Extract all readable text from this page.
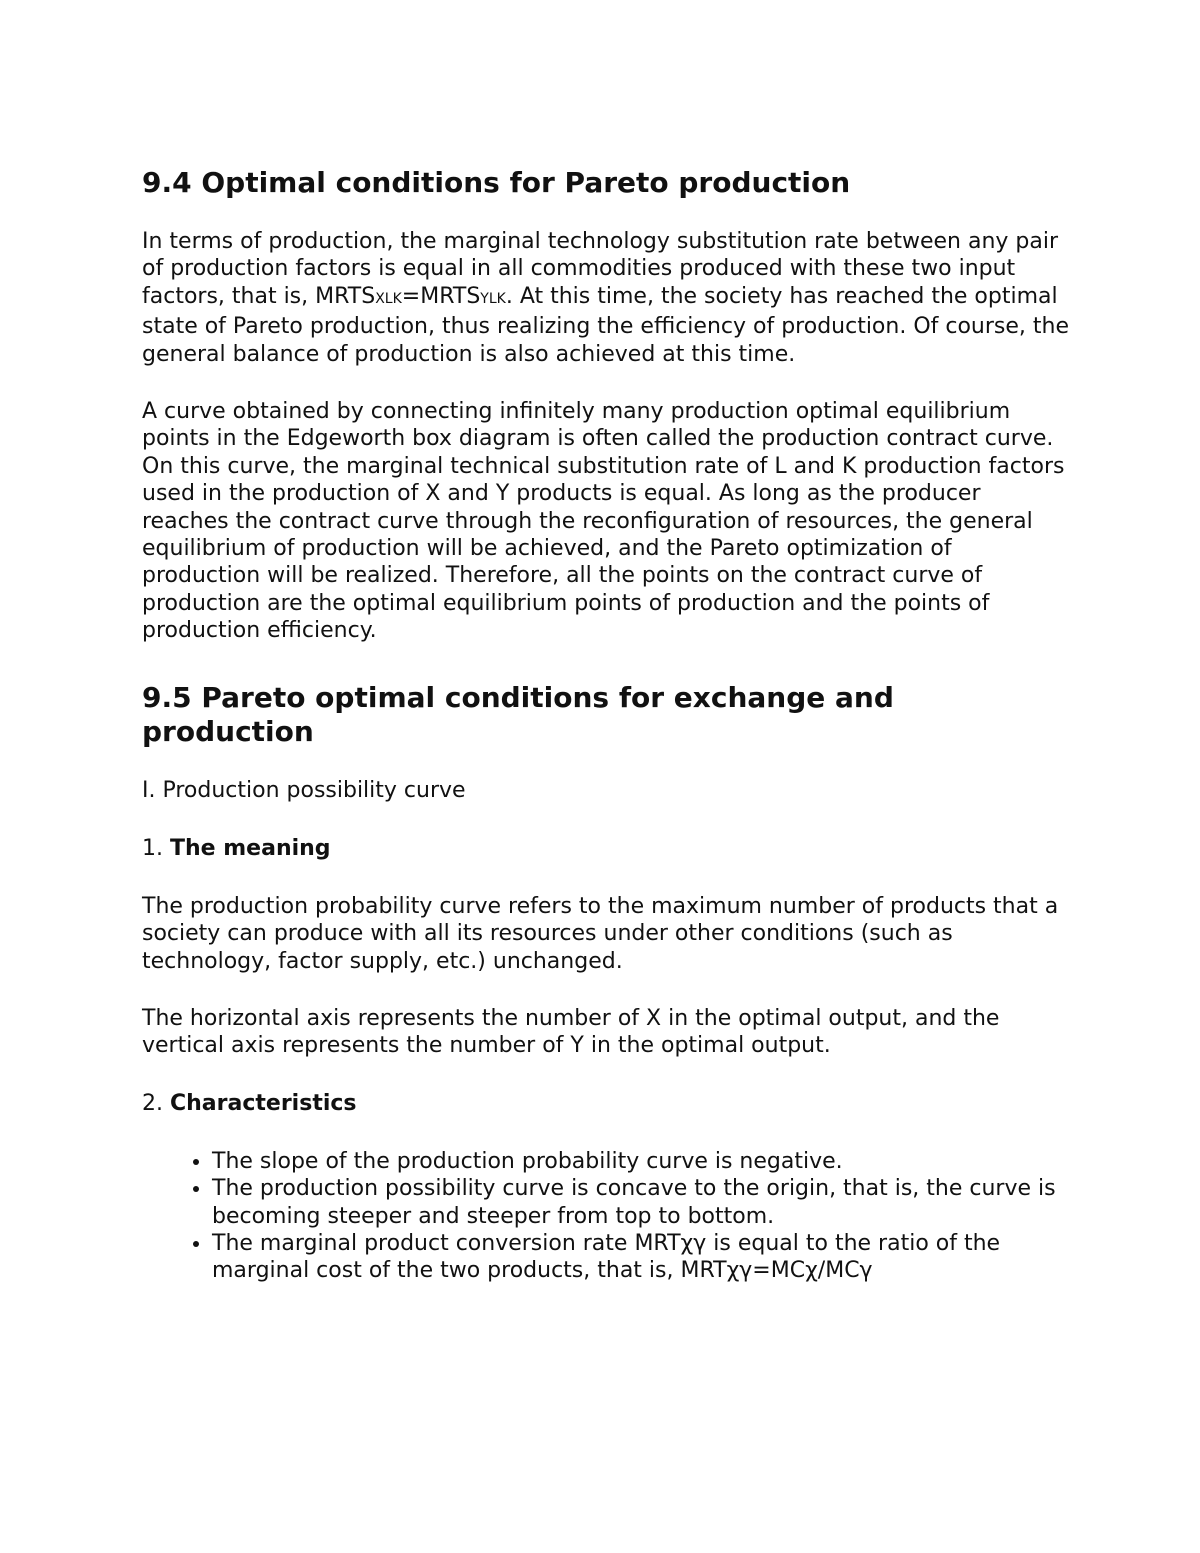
9.4 Optimal conditions for Pareto production

In terms of production, the marginal technology substitution rate between any pair of production factors is equal in all commodities produced with these two input factors, that is, MRTSXLK=MRTSYLK. At this time, the society has reached the optimal state of Pareto production, thus realizing the efficiency of production. Of course, the general balance of production is also achieved at this time.

A curve obtained by connecting infinitely many production optimal equilibrium points in the Edgeworth box diagram is often called the production contract curve. On this curve, the marginal technical substitution rate of L and K production factors used in the production of X and Y products is equal. As long as the producer reaches the contract curve through the reconfiguration of resources, the general equilibrium of production will be achieved, and the Pareto optimization of production will be realized. Therefore, all the points on the contract curve of production are the optimal equilibrium points of production and the points of production efficiency.

9.5 Pareto optimal conditions for exchange and production

I. Production possibility curve

1. The meaning

The production probability curve refers to the maximum number of products that a society can produce with all its resources under other conditions (such as technology, factor supply, etc.) unchanged.

The horizontal axis represents the number of X in the optimal output, and the vertical axis represents the number of Y in the optimal output.

2. Characteristics

• The slope of the production probability curve is negative.
• The production possibility curve is concave to the origin, that is, the curve is becoming steeper and steeper from top to bottom.
• The marginal product conversion rate MRTχγ is equal to the ratio of the marginal cost of the two products, that is, MRTχγ=MCχ/MCγ
